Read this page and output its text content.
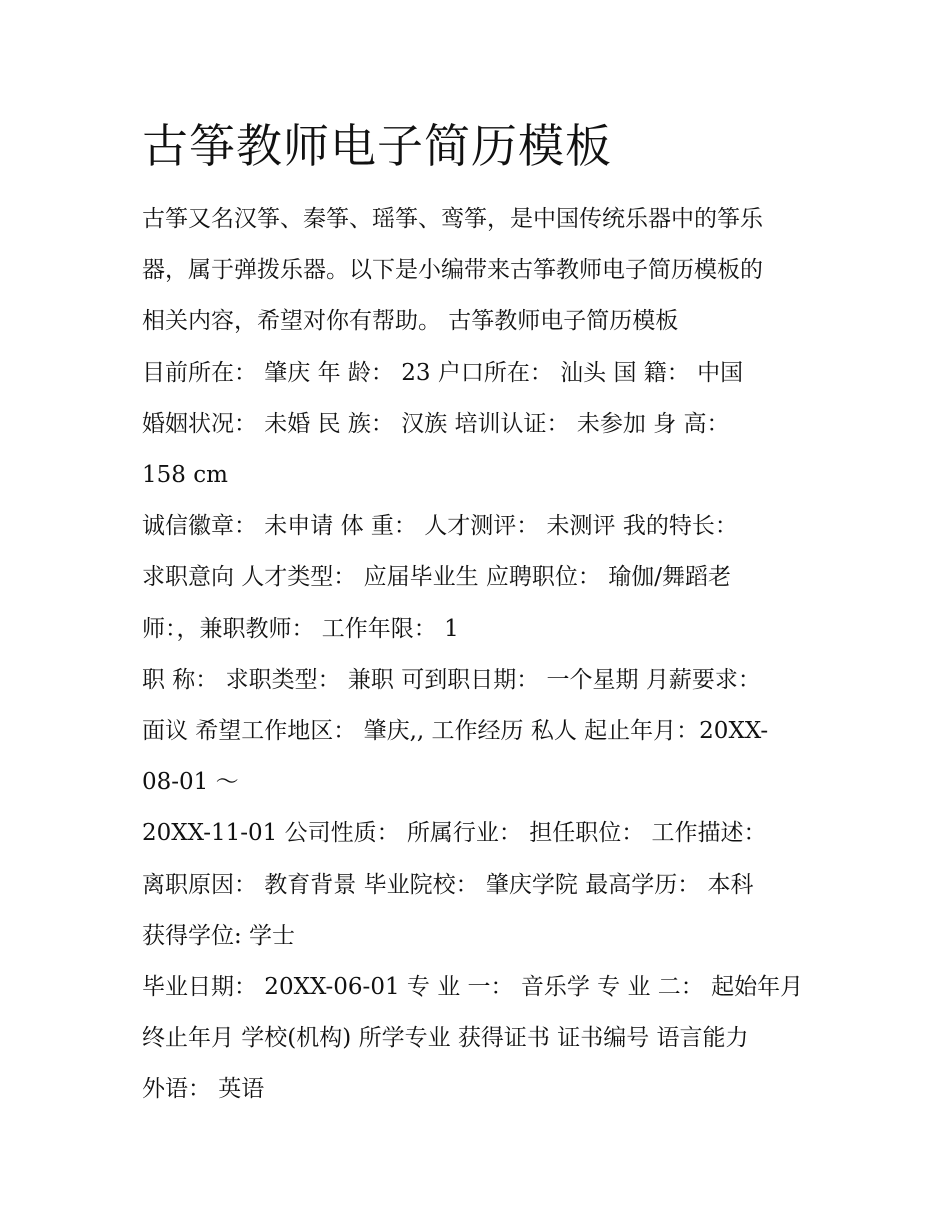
古筝教师电子简历模板

古筝又名汉筝、秦筝、瑶筝、鸾筝，是中国传统乐器中的筝乐

器，属于弹拨乐器。以下是小编带来古筝教师电子简历模板的

相关内容，希望对你有帮助。 古筝教师电子简历模板

目前所在： 肇庆 年 龄： 23 户口所在： 汕头 国 籍： 中国

婚姻状况： 未婚 民 族： 汉族 培训认证： 未参加 身 高：

158 cm

诚信徽章： 未申请 体 重： 人才测评： 未测评 我的特长：

求职意向 人才类型： 应届毕业生 应聘职位： 瑜伽/舞蹈老

师：，兼职教师： 工作年限： 1

职 称： 求职类型： 兼职 可到职日期： 一个星期 月薪要求：

面议 希望工作地区： 肇庆,, 工作经历 私人 起止年月：20XX-

08-01 ～

20XX-11-01 公司性质： 所属行业： 担任职位： 工作描述：

离职原因： 教育背景 毕业院校： 肇庆学院 最高学历： 本科

获得学位: 学士

毕业日期： 20XX-06-01 专 业 一： 音乐学 专 业 二： 起始年月

终止年月 学校(机构) 所学专业 获得证书 证书编号 语言能力

外语： 英语
